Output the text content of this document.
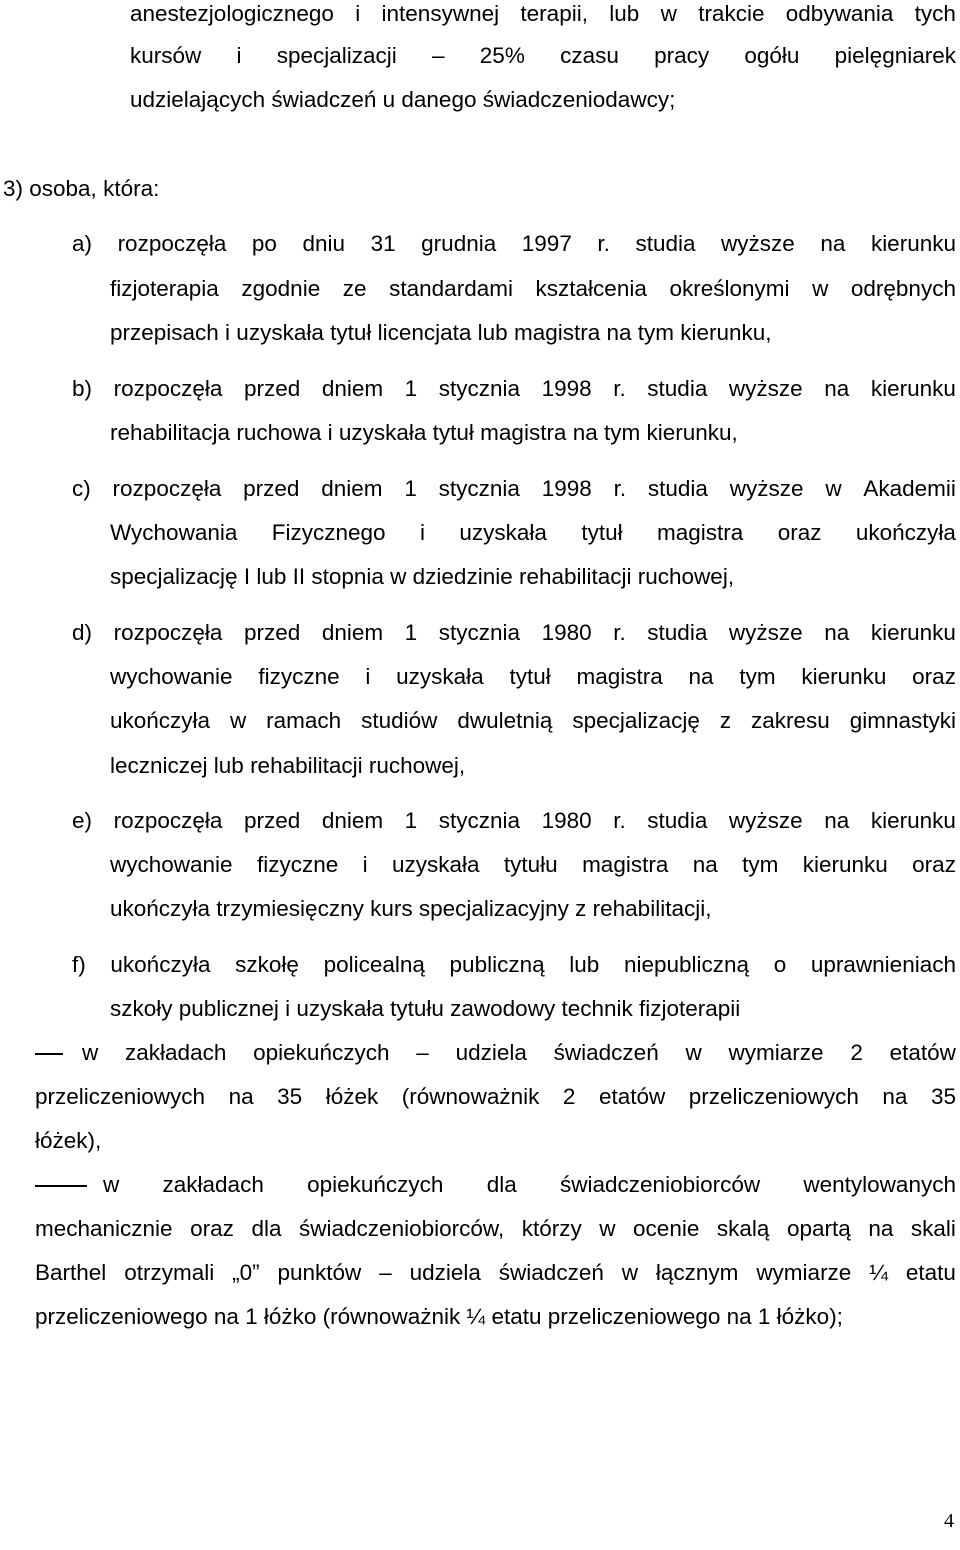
anestezjologicznego i intensywnej terapii, lub w trakcie odbywania tych
kursów i specjalizacji – 25% czasu pracy ogółu pielęgniarek
udzielających świadczeń u danego świadczeniodawcy;
3) osoba, która:
a) rozpoczęła po dniu 31 grudnia 1997 r. studia wyższe na kierunku
fizjoterapia zgodnie ze standardami kształcenia określonymi w odrębnych
przepisach i uzyskała tytuł licencjata lub magistra na tym kierunku,
b) rozpoczęła przed dniem 1 stycznia 1998 r. studia wyższe na kierunku
rehabilitacja ruchowa i uzyskała tytuł magistra na tym kierunku,
c) rozpoczęła przed dniem 1 stycznia 1998 r. studia wyższe w Akademii
Wychowania Fizycznego i uzyskała tytuł magistra oraz ukończyła
specjalizację I lub II stopnia w dziedzinie rehabilitacji ruchowej,
d) rozpoczęła przed dniem 1 stycznia 1980 r. studia wyższe na kierunku
wychowanie fizyczne i uzyskała tytuł magistra na tym kierunku oraz
ukończyła w ramach studiów dwuletnią specjalizację z zakresu gimnastyki
leczniczej lub rehabilitacji ruchowej,
e) rozpoczęła przed dniem 1 stycznia 1980 r. studia wyższe na kierunku
wychowanie fizyczne i uzyskała tytułu magistra na tym kierunku oraz
ukończyła trzymiesięczny kurs specjalizacyjny z rehabilitacji,
f) ukończyła szkołę policealną publiczną lub niepubliczną o uprawnieniach
szkoły publicznej i uzyskała tytułu zawodowy technik fizjoterapii
w zakładach opiekuńczych – udziela świadczeń w wymiarze 2 etatów
przeliczeniowych na 35 łóżek (równoważnik 2 etatów przeliczeniowych na 35
łóżek),
w zakładach opiekuńczych dla świadczeniobiorców wentylowanych
mechanicznie oraz dla świadczeniobiorców, którzy w ocenie skalą opartą na skali
Barthel otrzymali „0” punktów – udziela świadczeń w łącznym wymiarze ¼ etatu
przeliczeniowego na 1 łóżko (równoważnik ¼ etatu przeliczeniowego na 1 łóżko);
4
